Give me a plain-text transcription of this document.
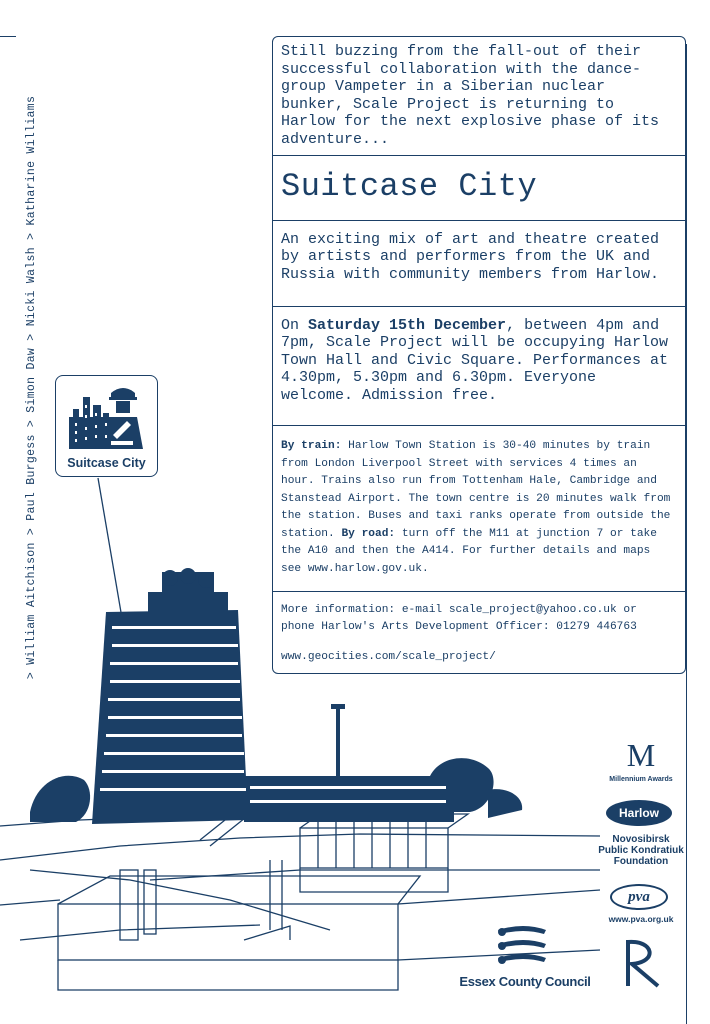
> William Aitchison > Paul Burgess > Simon Daw > Nicki Walsh > Katharine Williams
Still buzzing from the fall-out of their successful collaboration with the dance-group Vampeter in a Siberian nuclear bunker, Scale Project is returning to Harlow for the next explosive phase of its adventure...
Suitcase City
An exciting mix of art and theatre created by artists and performers from the UK and Russia with community members from Harlow.
On Saturday 15th December, between 4pm and 7pm, Scale Project will be occupying Harlow Town Hall and Civic Square. Performances at 4.30pm, 5.30pm and 6.30pm. Everyone welcome. Admission free.
By train: Harlow Town Station is 30-40 minutes by train from London Liverpool Street with services 4 times an hour. Trains also run from Tottenham Hale, Cambridge and Stanstead Airport. The town centre is 20 minutes walk from the station. Buses and taxi ranks operate from outside the station. By road: turn off the M11 at junction 7 or take the A10 and then the A414. For further details and maps see www.harlow.gov.uk.
More information: e-mail scale_project@yahoo.co.uk or phone Harlow's Arts Development Officer: 01279 446763
www.geocities.com/scale_project/
Suitcase City
M
Millennium Awards
Harlow
Novosibirsk Public Kondratiuk Foundation
pva
www.pva.org.uk
Essex County Council
